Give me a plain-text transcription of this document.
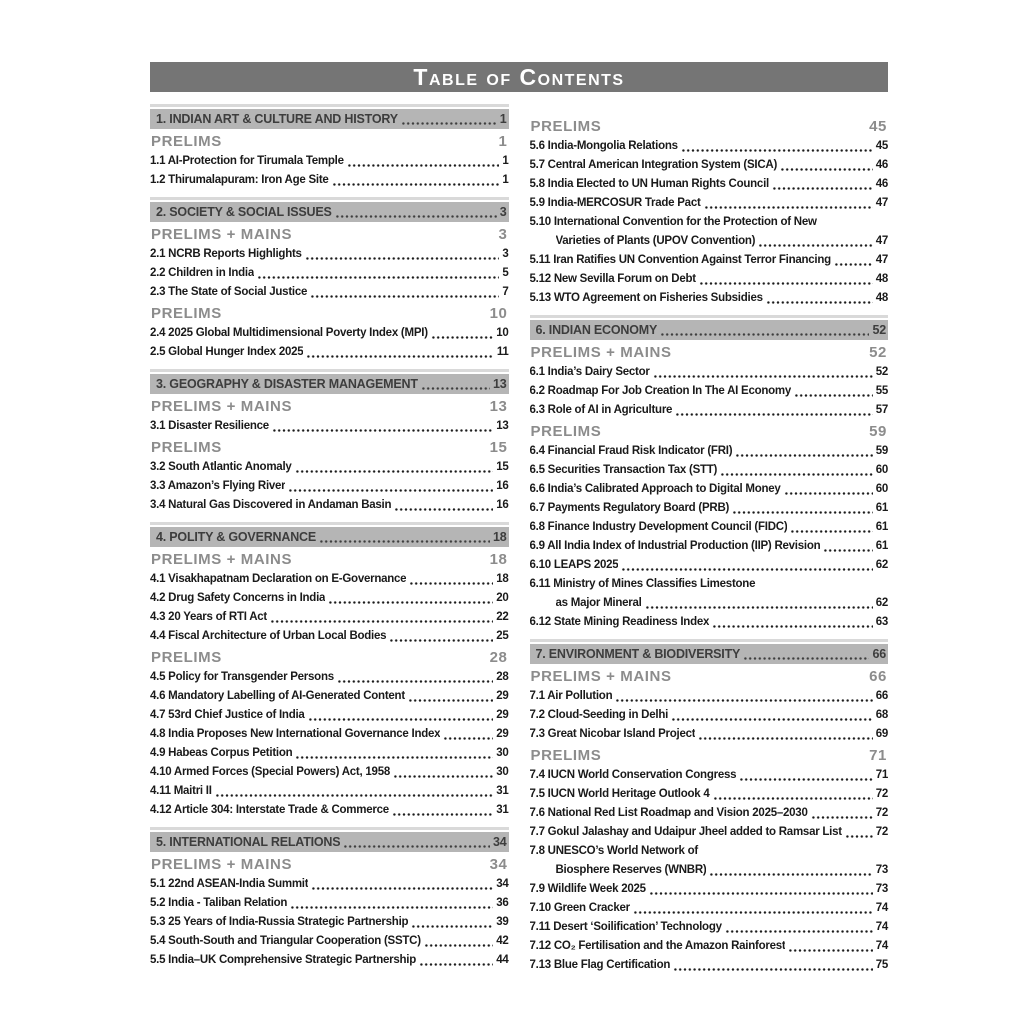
Table of Contents
1. INDIAN ART & CULTURE AND HISTORY	1
PRELIMS	1
1.1 AI-Protection for Tirumala Temple	1
1.2 Thirumalapuram: Iron Age Site	1
2. SOCIETY & SOCIAL ISSUES	3
PRELIMS + MAINS	3
2.1 NCRB Reports Highlights	3
2.2 Children in India	5
2.3 The State of Social Justice	7
PRELIMS	10
2.4 2025 Global Multidimensional Poverty Index (MPI)	10
2.5 Global Hunger Index 2025	11
3. GEOGRAPHY & DISASTER MANAGEMENT	13
PRELIMS + MAINS	13
3.1 Disaster Resilience	13
PRELIMS	15
3.2 South Atlantic Anomaly	15
3.3 Amazon’s Flying River	16
3.4 Natural Gas Discovered in Andaman Basin	16
4. POLITY & GOVERNANCE	18
PRELIMS + MAINS	18
4.1 Visakhapatnam Declaration on E-Governance	18
4.2 Drug Safety Concerns in India	20
4.3 20 Years of RTI Act	22
4.4 Fiscal Architecture of Urban Local Bodies	25
PRELIMS	28
4.5 Policy for Transgender Persons	28
4.6 Mandatory Labelling of AI-Generated Content	29
4.7 53rd Chief Justice of India	29
4.8 India Proposes New International Governance Index	29
4.9 Habeas Corpus Petition	30
4.10 Armed Forces (Special Powers) Act, 1958	30
4.11 Maitri II	31
4.12 Article 304: Interstate Trade & Commerce	31
5. INTERNATIONAL RELATIONS	34
PRELIMS + MAINS	34
5.1 22nd ASEAN-India Summit	34
5.2 India - Taliban Relation	36
5.3 25 Years of India-Russia Strategic Partnership	39
5.4 South-South and Triangular Cooperation (SSTC)	42
5.5 India–UK Comprehensive Strategic Partnership	44
PRELIMS	45
5.6 India-Mongolia Relations	45
5.7 Central American Integration System (SICA)	46
5.8 India Elected to UN Human Rights Council	46
5.9 India-MERCOSUR Trade Pact	47
5.10 International Convention for the Protection of New
Varieties of Plants (UPOV Convention)	47
5.11 Iran Ratifies UN Convention Against Terror Financing	47
5.12 New Sevilla Forum on Debt	48
5.13 WTO Agreement on Fisheries Subsidies	48
6. INDIAN ECONOMY	52
PRELIMS + MAINS	52
6.1 India’s Dairy Sector	52
6.2 Roadmap For Job Creation In The AI Economy	55
6.3 Role of AI in Agriculture	57
PRELIMS	59
6.4 Financial Fraud Risk Indicator (FRI)	59
6.5 Securities Transaction Tax (STT)	60
6.6 India’s Calibrated Approach to Digital Money	60
6.7 Payments Regulatory Board (PRB)	61
6.8 Finance Industry Development Council (FIDC)	61
6.9 All India Index of Industrial Production (IIP) Revision	61
6.10 LEAPS 2025	62
6.11 Ministry of Mines Classifies Limestone
as Major Mineral	62
6.12 State Mining Readiness Index	63
7. ENVIRONMENT & BIODIVERSITY	66
PRELIMS + MAINS	66
7.1 Air Pollution	66
7.2 Cloud-Seeding in Delhi	68
7.3 Great Nicobar Island Project	69
PRELIMS	71
7.4 IUCN World Conservation Congress	71
7.5 IUCN World Heritage Outlook 4	72
7.6 National Red List Roadmap and Vision 2025–2030	72
7.7 Gokul Jalashay and Udaipur Jheel added to Ramsar List	72
7.8 UNESCO’s World Network of
Biosphere Reserves (WNBR)	73
7.9 Wildlife Week 2025	73
7.10 Green Cracker	74
7.11 Desert ‘Soilification’ Technology	74
7.12 CO₂ Fertilisation and the Amazon Rainforest	74
7.13 Blue Flag Certification	75
